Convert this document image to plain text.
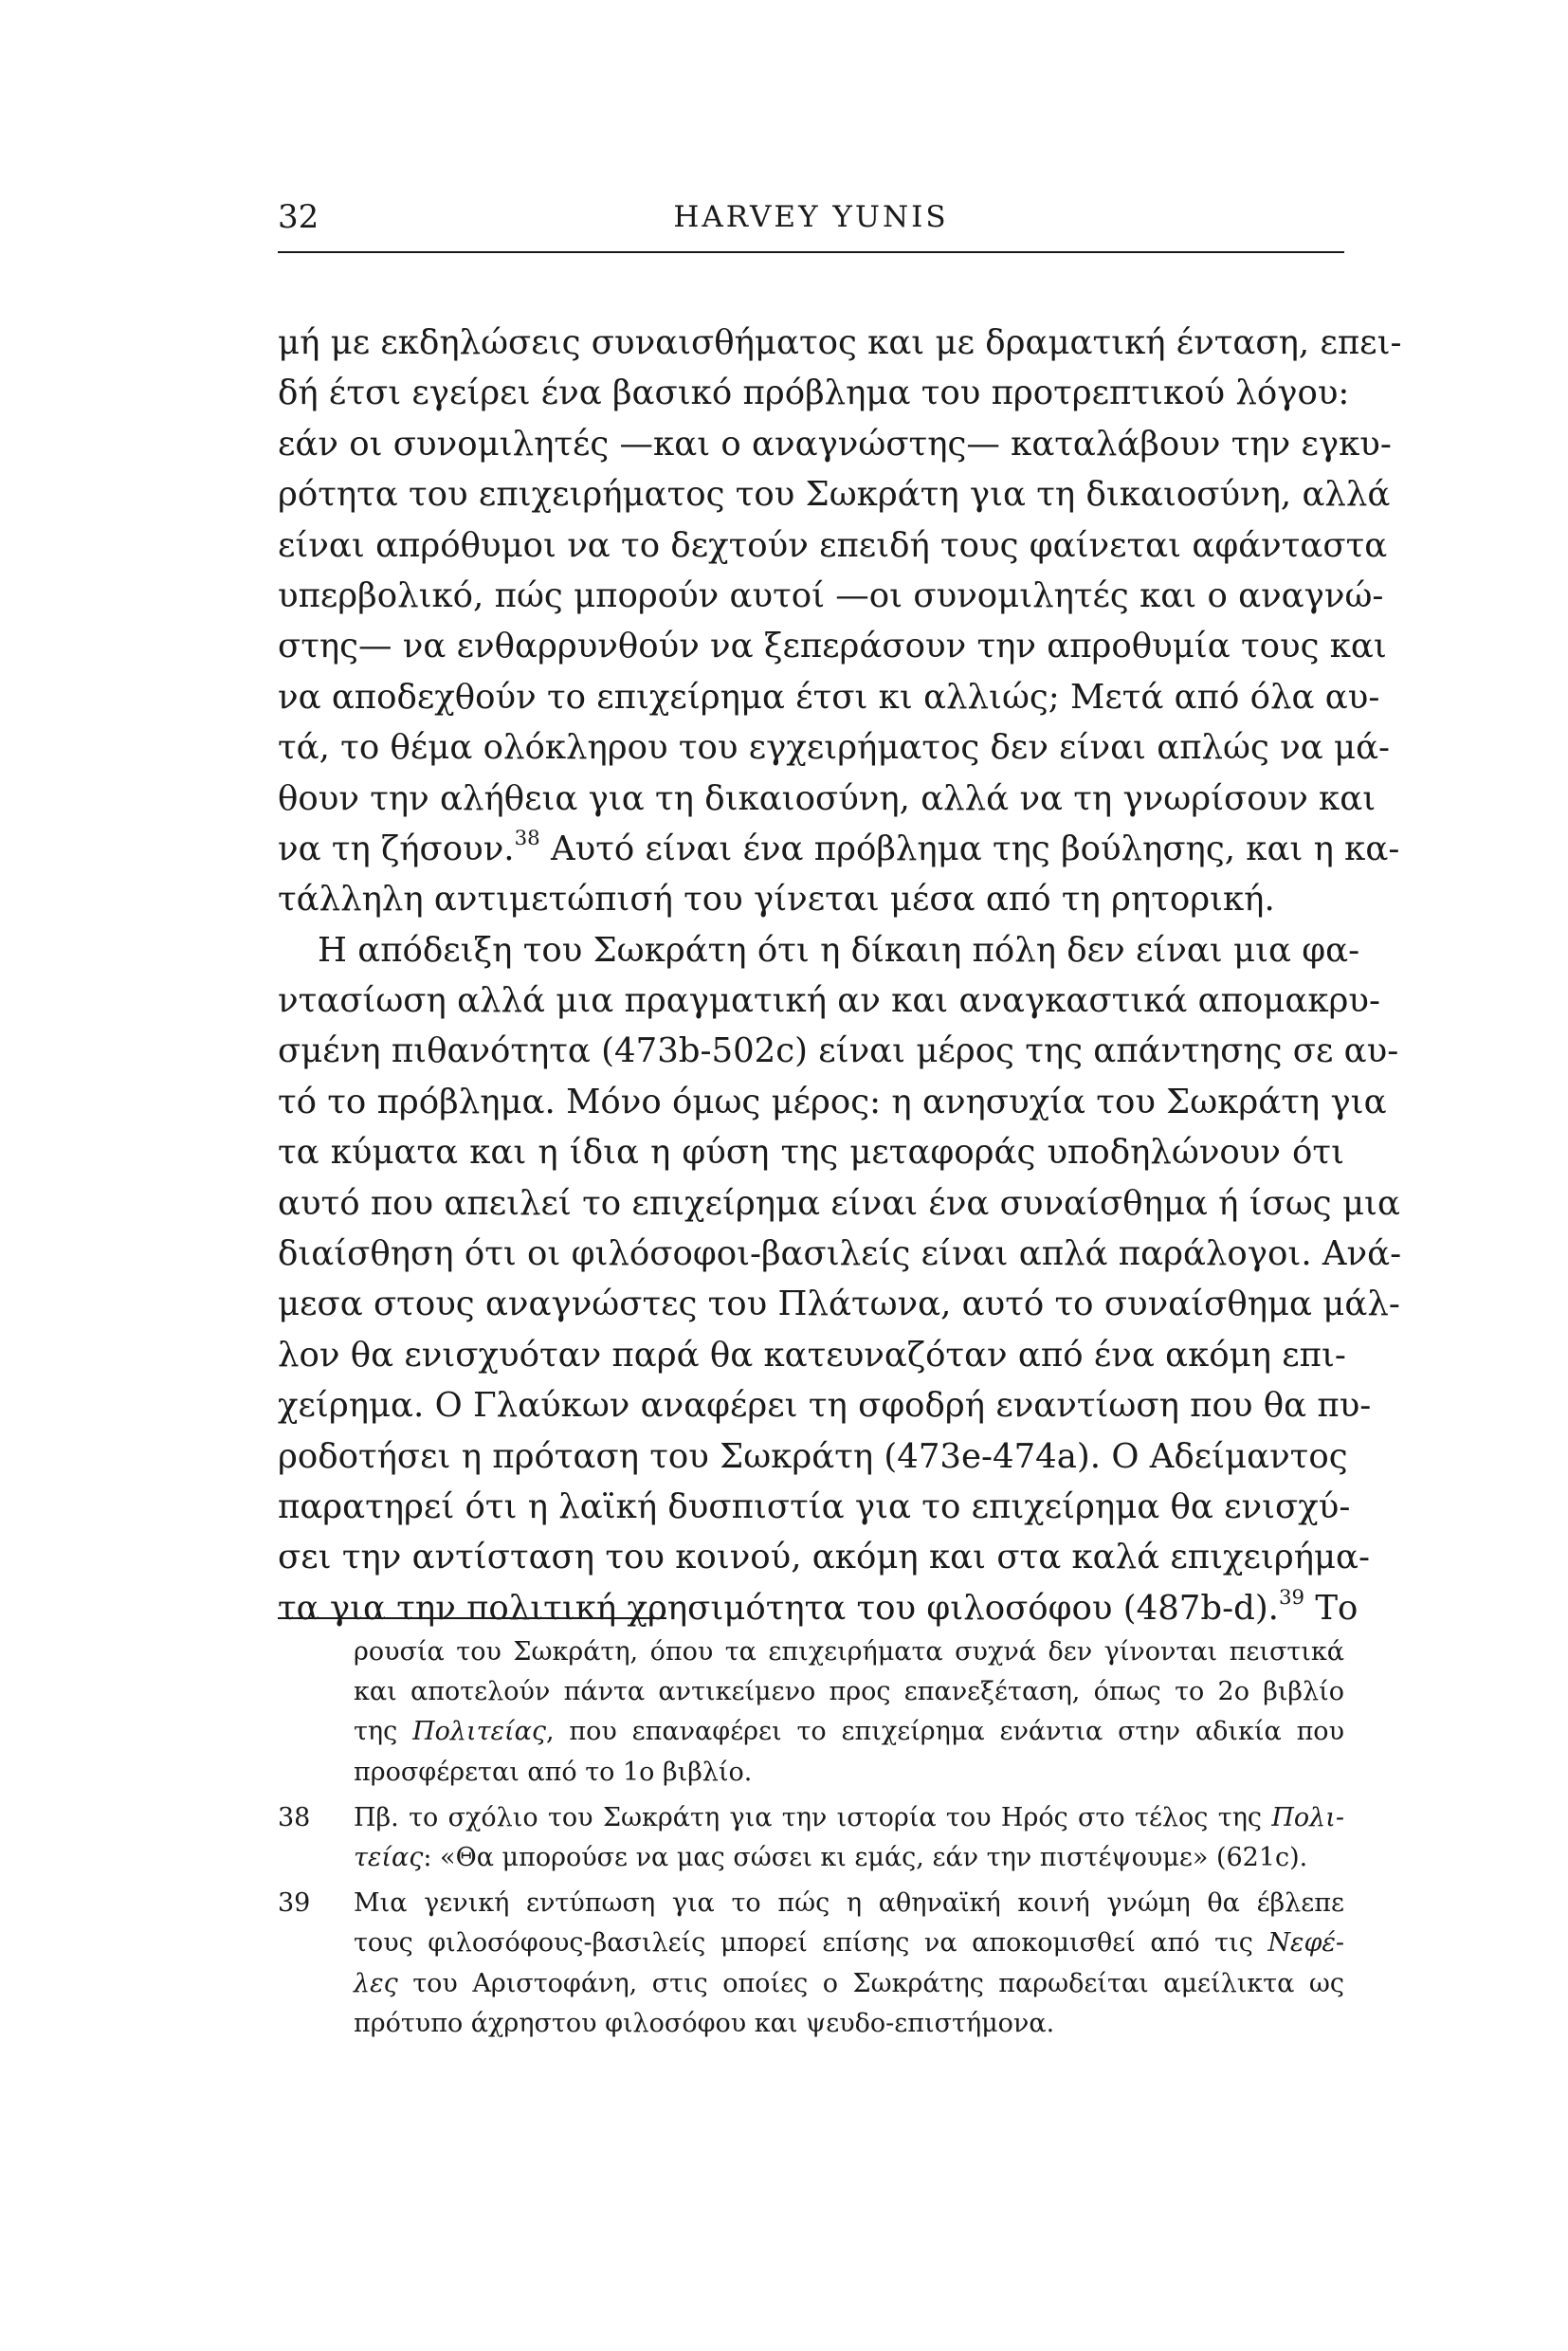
32	HARVEY YUNIS
μή με εκδηλώσεις συναισθήματος και με δραματική ένταση, επει-
δή έτσι εγείρει ένα βασικό πρόβλημα του προτρεπτικού λόγου:
εάν οι συνομιλητές —και ο αναγνώστης— καταλάβουν την εγκυ-
ρότητα του επιχειρήματος του Σωκράτη για τη δικαιοσύνη, αλλά
είναι απρόθυμοι να το δεχτούν επειδή τους φαίνεται αφάνταστα
υπερβολικό, πώς μπορούν αυτοί —οι συνομιλητές και ο αναγνώ-
στης— να ενθαρρυνθούν να ξεπεράσουν την απροθυμία τους και
να αποδεχθούν το επιχείρημα έτσι κι αλλιώς; Μετά από όλα αυ-
τά, το θέμα ολόκληρου του εγχειρήματος δεν είναι απλώς να μά-
θουν την αλήθεια για τη δικαιοσύνη, αλλά να τη γνωρίσουν και
να τη ζήσουν.$^{38}$ Αυτό είναι ένα πρόβλημα της βούλησης, και η κα-
τάλληλη αντιμετώπισή του γίνεται μέσα από τη ρητορική.
Η απόδειξη του Σωκράτη ότι η δίκαιη πόλη δεν είναι μια φα-
ντασίωση αλλά μια πραγματική αν και αναγκαστικά απομακρυ-
σμένη πιθανότητα (473b-502c) είναι μέρος της απάντησης σε αυ-
τό το πρόβλημα. Μόνο όμως μέρος: η ανησυχία του Σωκράτη για
τα κύματα και η ίδια η φύση της μεταφοράς υποδηλώνουν ότι
αυτό που απειλεί το επιχείρημα είναι ένα συναίσθημα ή ίσως μια
διαίσθηση ότι οι φιλόσοφοι-βασιλείς είναι απλά παράλογοι. Ανά-
μεσα στους αναγνώστες του Πλάτωνα, αυτό το συναίσθημα μάλ-
λον θα ενισχυόταν παρά θα κατευναζόταν από ένα ακόμη επι-
χείρημα. Ο Γλαύκων αναφέρει τη σφοδρή εναντίωση που θα πυ-
ροδοτήσει η πρόταση του Σωκράτη (473e-474a). Ο Αδείμαντος
παρατηρεί ότι η λαϊκή δυσπιστία για το επιχείρημα θα ενισχύ-
σει την αντίσταση του κοινού, ακόμη και στα καλά επιχειρήμα-
τα για την πολιτική χρησιμότητα του φιλοσόφου (487b-d).$^{39}$ Το
ρουσία του Σωκράτη, όπου τα επιχειρήματα συχνά δεν γίνονται πειστικά
και αποτελούν πάντα αντικείμενο προς επανεξέταση, όπως το 2ο βιβλίο
της Πολιτείας, που επαναφέρει το επιχείρημα ενάντια στην αδικία που
προσφέρεται από το 1ο βιβλίο.
38 Πβ. το σχόλιο του Σωκράτη για την ιστορία του Ηρός στο τέλος της Πολι-
τείας: «Θα μπορούσε να μας σώσει κι εμάς, εάν την πιστέψουμε» (621c).
39 Μια γενική εντύπωση για το πώς η αθηναϊκή κοινή γνώμη θα έβλεπε
τους φιλοσόφους-βασιλείς μπορεί επίσης να αποκομισθεί από τις Νεφέ-
λες του Αριστοφάνη, στις οποίες ο Σωκράτης παρωδείται αμείλικτα ως
πρότυπο άχρηστου φιλοσόφου και ψευδο-επιστήμονα.
